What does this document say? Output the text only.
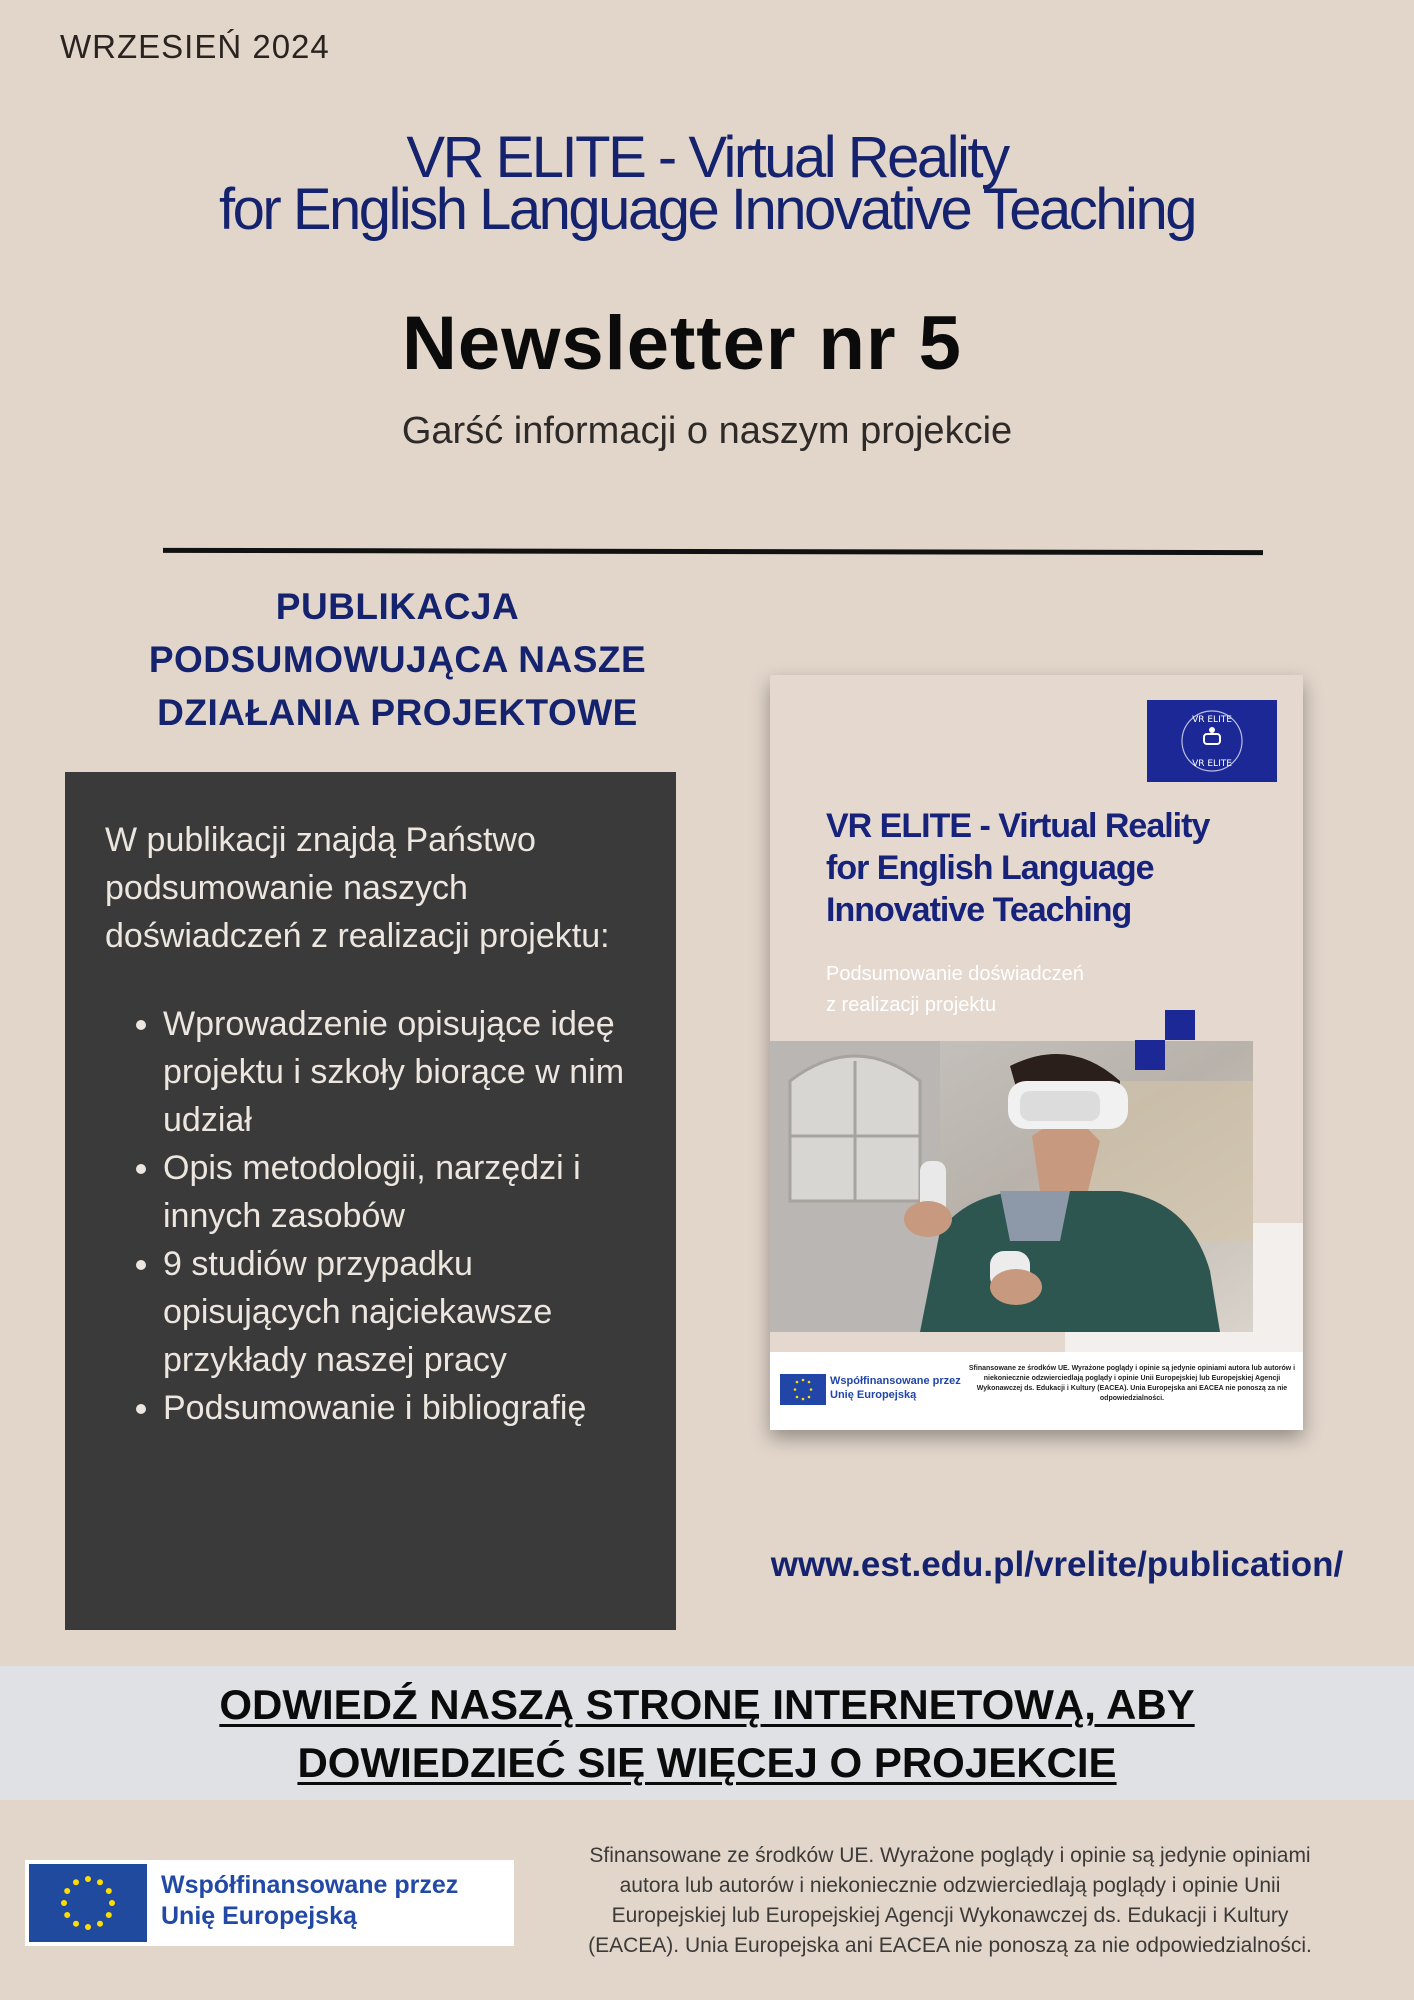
WRZESIEŃ 2024
VR ELITE - Virtual Reality
for English Language Innovative Teaching
Newsletter nr 5
Garść informacji o naszym projekcie
PUBLIKACJA
PODSUMOWUJĄCA NASZE
DZIAŁANIA PROJEKTOWE

W publikacji znajdą Państwo podsumowanie naszych doświadczeń z realizacji projektu:

• Wprowadzenie opisujące ideę projektu i szkoły biorące w nim udział
• Opis metodologii, narzędzi i innych zasobów
• 9 studiów przypadku opisujących najciekawsze przykłady naszej pracy
• Podsumowanie i bibliografię
VR ELITE
VR ELITE
VR ELITE - Virtual Reality
for English Language
Innovative Teaching
Podsumowanie doświadczeń
z realizacji projektu
Współfinansowane przez
Unię Europejską
Sfinansowane ze środków UE. Wyrażone poglądy i opinie są jedynie opiniami autora lub autorów i niekoniecznie odzwierciedlają poglądy i opinie Unii Europejskiej lub Europejskiej Agencji Wykonawczej ds. Edukacji i Kultury (EACEA). Unia Europejska ani EACEA nie ponoszą za nie odpowiedzialności.
www.est.edu.pl/vrelite/publication/
ODWIEDŹ NASZĄ STRONĘ INTERNETOWĄ, ABY
DOWIEDZIEĆ SIĘ WIĘCEJ O PROJEKCIE
Współfinansowane przez
Unię Europejską
Sfinansowane ze środków UE. Wyrażone poglądy i opinie są jedynie opiniami
autora lub autorów i niekoniecznie odzwierciedlają poglądy i opinie Unii
Europejskiej lub Europejskiej Agencji Wykonawczej ds. Edukacji i Kultury
(EACEA). Unia Europejska ani EACEA nie ponoszą za nie odpowiedzialności.
